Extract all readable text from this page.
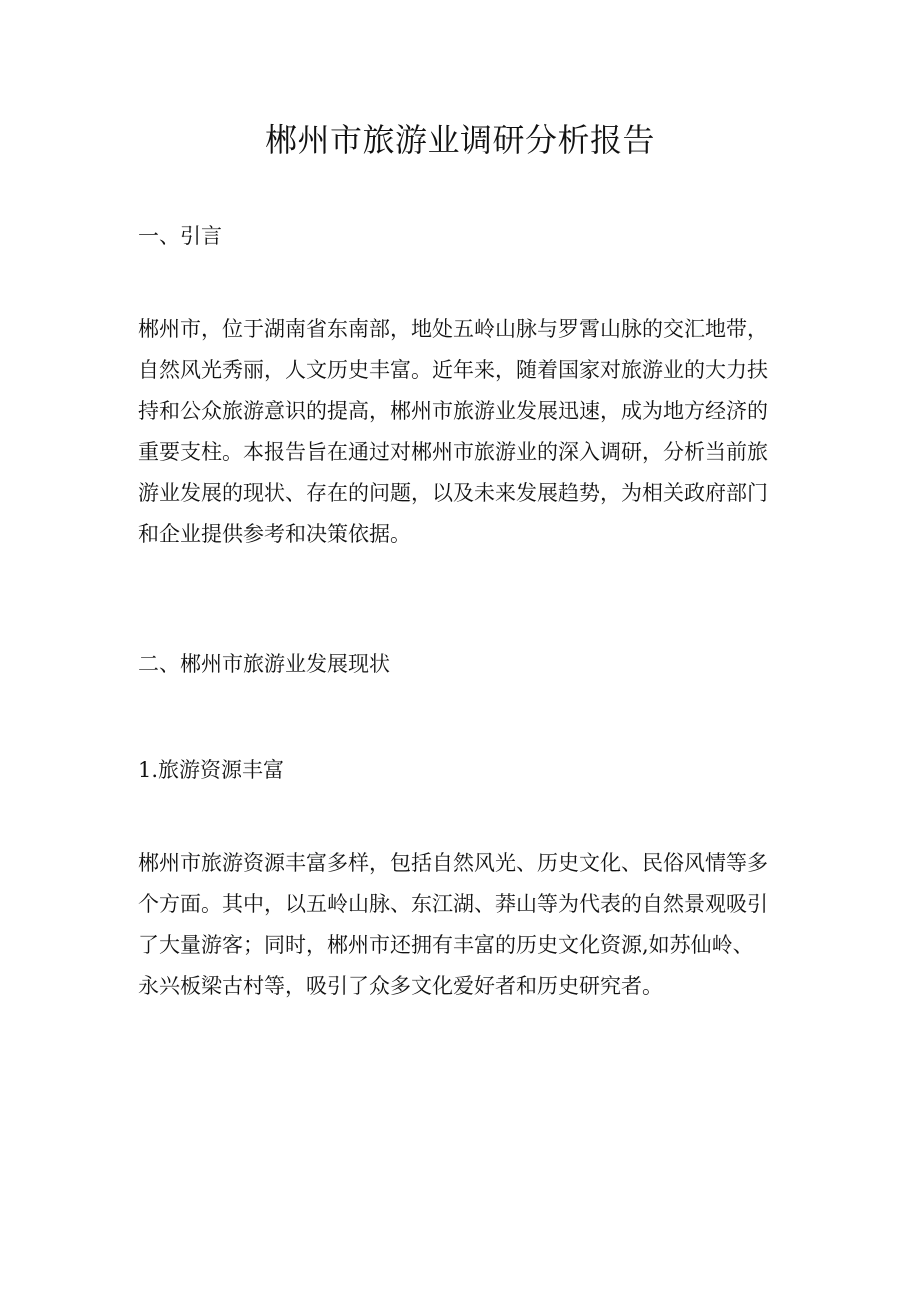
郴州市旅游业调研分析报告
一、引言
郴州市，位于湖南省东南部，地处五岭山脉与罗霄山脉的交汇地带，
自然风光秀丽，人文历史丰富。近年来，随着国家对旅游业的大力扶
持和公众旅游意识的提高，郴州市旅游业发展迅速，成为地方经济的
重要支柱。本报告旨在通过对郴州市旅游业的深入调研，分析当前旅
游业发展的现状、存在的问题，以及未来发展趋势，为相关政府部门
和企业提供参考和决策依据。
二、郴州市旅游业发展现状
1.旅游资源丰富
郴州市旅游资源丰富多样，包括自然风光、历史文化、民俗风情等多
个方面。其中，以五岭山脉、东江湖、莽山等为代表的自然景观吸引
了大量游客；同时，郴州市还拥有丰富的历史文化资源,如苏仙岭、
永兴板梁古村等，吸引了众多文化爱好者和历史研究者。
